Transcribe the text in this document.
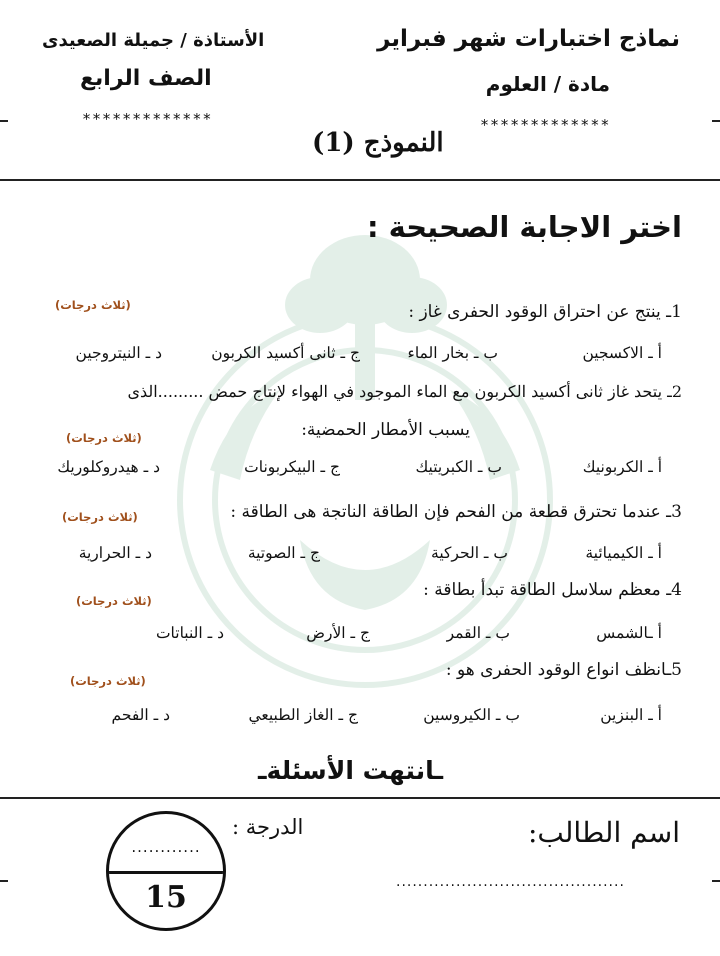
نماذج اختبارات شهر فبراير
مادة / العلوم
الأستاذة / جميلة الصعيدى
الصف الرابع
*************	*************
النموذج (1)
اختر الاجابة الصحيحة :
1ـ ينتج عن احتراق الوقود الحفرى غاز :
(ثلاث درجات)
أ ـ الاكسجين
ب ـ بخار الماء
ج ـ ثانى أكسيد الكربون
د ـ النيتروجين
2ـ يتحد غاز ثانى أكسيد الكربون مع الماء الموجود في الهواء لإنتاج حمض .........الذى
يسبب الأمطار الحمضية:
(ثلاث درجات)
أ ـ الكربونيك
ب ـ الكبريتيك
ج ـ البيكربونات
د ـ هيدروكلوريك
3ـ عندما تحترق قطعة من الفحم فإن الطاقة الناتجة هى الطاقة :
(ثلاث درجات)
أ ـ الكيميائية
ب ـ الحركية
ج ـ الصوتية
د ـ الحرارية
4ـ معظم سلاسل الطاقة تبدأ بطاقة :
(ثلاث درجات)
أ ـالشمس
ب ـ القمر
ج ـ الأرض
د ـ النباتات
5ـانظف انواع الوقود الحفرى هو :
(ثلاث درجات)
أ ـ البنزين
ب ـ الكيروسين
ج ـ الغاز الطبيعي
د ـ الفحم
ـانتهت الأسئلةـ
اسم الطالب:
..........................................
الدرجة :
............
15
